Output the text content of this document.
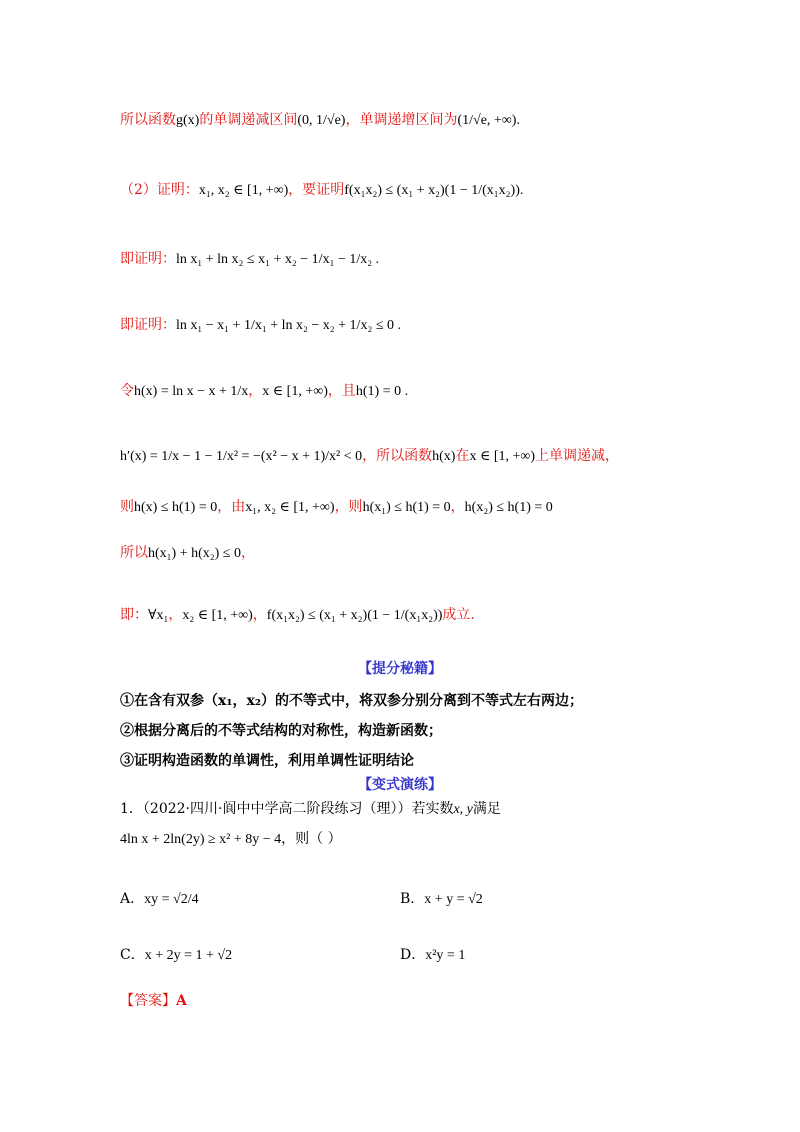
所以函数g(x)的单调递减区间(0, 1/√e)，单调递增区间为(1/√e, +∞).
（2）证明：x₁, x₂ ∈ [1, +∞)，要证明f(x₁x₂) ≤ (x₁ + x₂)(1 − 1/(x₁x₂)).
即证明：ln x₁ + ln x₂ ≤ x₁ + x₂ − 1/x₁ − 1/x₂ .
即证明：ln x₁ − x₁ + 1/x₁ + ln x₂ − x₂ + 1/x₂ ≤ 0 .
令h(x) = ln x − x + 1/x，x ∈ [1, +∞)，且h(1) = 0 .
h′(x) = 1/x − 1 − 1/x² = −(x² − x + 1)/x² < 0，所以函数h(x)在x ∈ [1, +∞)上单调递减，
则h(x) ≤ h(1) = 0，由x₁, x₂ ∈ [1, +∞)，则h(x₁) ≤ h(1) = 0，h(x₂) ≤ h(1) = 0
所以h(x₁) + h(x₂) ≤ 0，
即：∀x₁，x₂ ∈ [1, +∞)，f(x₁x₂) ≤ (x₁ + x₂)(1 − 1/(x₁x₂))成立.
【提分秘籍】
①在含有双参（x₁，x₂）的不等式中，将双参分别分离到不等式左右两边；
②根据分离后的不等式结构的对称性，构造新函数；
③证明构造函数的单调性，利用单调性证明结论
【变式演练】
1．（2022·四川·阆中中学高二阶段练习（理））若实数x, y满足
4ln x + 2ln(2y) ≥ x² + 8y − 4，则（ ）
A．xy = √2/4	B．x + y = √2
C．x + 2y = 1 + √2	D．x²y = 1
【答案】A
